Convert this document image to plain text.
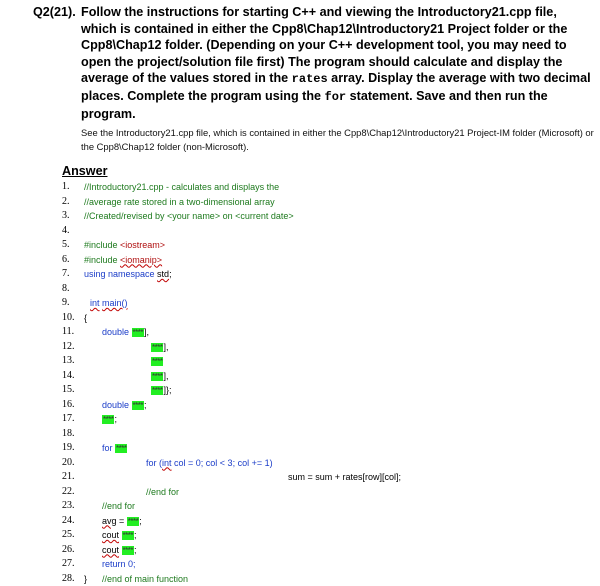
Q2(21). Follow the instructions for starting C++ and viewing the Introductory21.cpp file, which is contained in either the Cpp8\Chap12\Introductory21 Project folder or the Cpp8\Chap12 folder. (Depending on your C++ development tool, you may need to open the project/solution file first) The program should calculate and display the average of the values stored in the rates array. Display the average with two decimal places. Complete the program using the for statement. Save and then run the program.

See the Introductory21.cpp file, which is contained in either the Cpp8\Chap12\Introductory21 Project-IM folder (Microsoft) or the Cpp8\Chap12 folder (non-Microsoft).
Answer
1. //Introductory21.cpp - calculates and displays the
2. //average rate stored in a two-dimensional array
3. //Created/revised by <your name> on <current date>
4.
5. #include <iostream>
6. #include <iomanip>
7. using namespace std;
8.
9. int main()
10. {
11.	double ****],
12.	****],
13.	****
14.	****],
15.	****]};
16.	double ****;
17.	****;
18.
19.	for ****
20.	for (int col = 0; col < 3; col += 1)
21.	sum = sum + rates[row][col];
22.	//end for
23.	//end for
24.	avg = ****;
25.	cout ****;
26.	cout ****;
27.	return 0;
28. } //end of main function
